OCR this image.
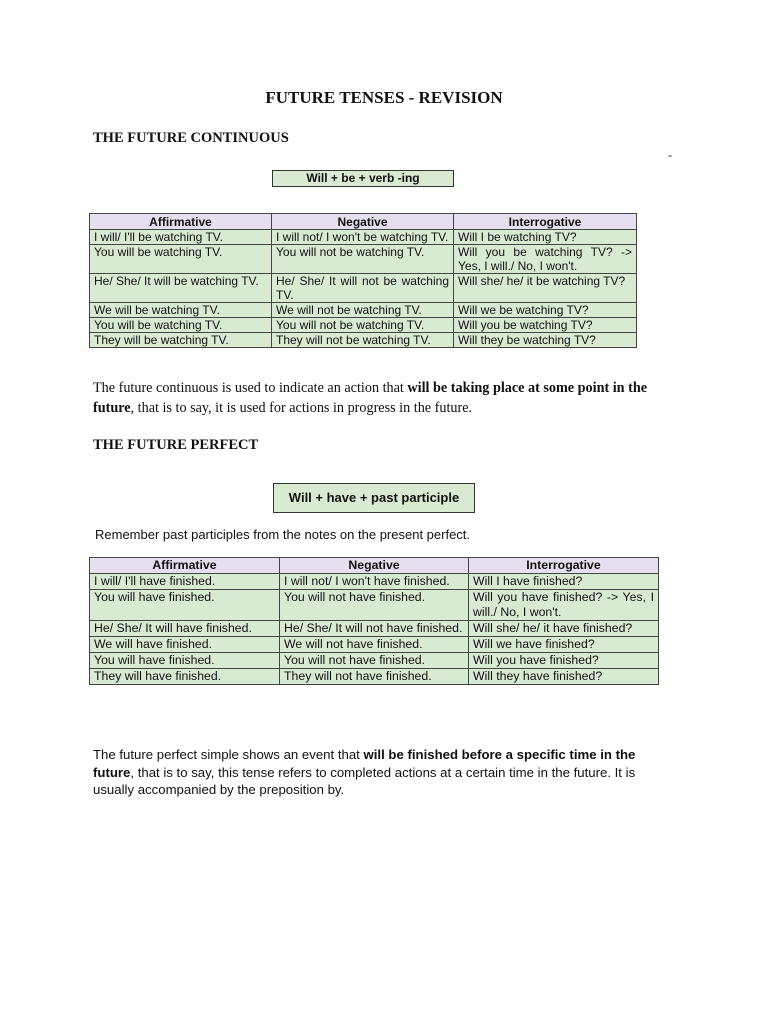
FUTURE TENSES - REVISION
THE FUTURE CONTINUOUS
-
Will + be + verb -ing
Affirmative	Negative	Interrogative
I will/ I'll be watching TV.	I will not/ I won't be watching TV.	Will I be watching TV?
You will be watching TV.	You will not be watching TV.	Will you be watching TV? -> Yes, I will./ No, I won't.
He/ She/ It will be watching TV.	He/ She/ It will not be watching TV.	Will she/ he/ it be watching TV?
We will be watching TV.	We will not be watching TV.	Will we be watching TV?
You will be watching TV.	You will not be watching TV.	Will you be watching TV?
They will be watching TV.	They will not be watching TV.	Will they be watching TV?

The future continuous is used to indicate an action that will be taking place at some point in the future, that is to say, it is used for actions in progress in the future.

THE FUTURE PERFECT
Will + have + past participle
Remember past participles from the notes on the present perfect.
Affirmative	Negative	Interrogative
I will/ I'll have finished.	I will not/ I won't have finished.	Will I have finished?
You will have finished.	You will not have finished.	Will you have finished? -> Yes, I will./ No, I won't.
He/ She/ It will have finished.	He/ She/ It will not have finished.	Will she/ he/ it have finished?
We will have finished.	We will not have finished.	Will we have finished?
You will have finished.	You will not have finished.	Will you have finished?
They will have finished.	They will not have finished.	Will they have finished?

The future perfect simple shows an event that will be finished before a specific time in the future, that is to say, this tense refers to completed actions at a certain time in the future. It is usually accompanied by the preposition by.
